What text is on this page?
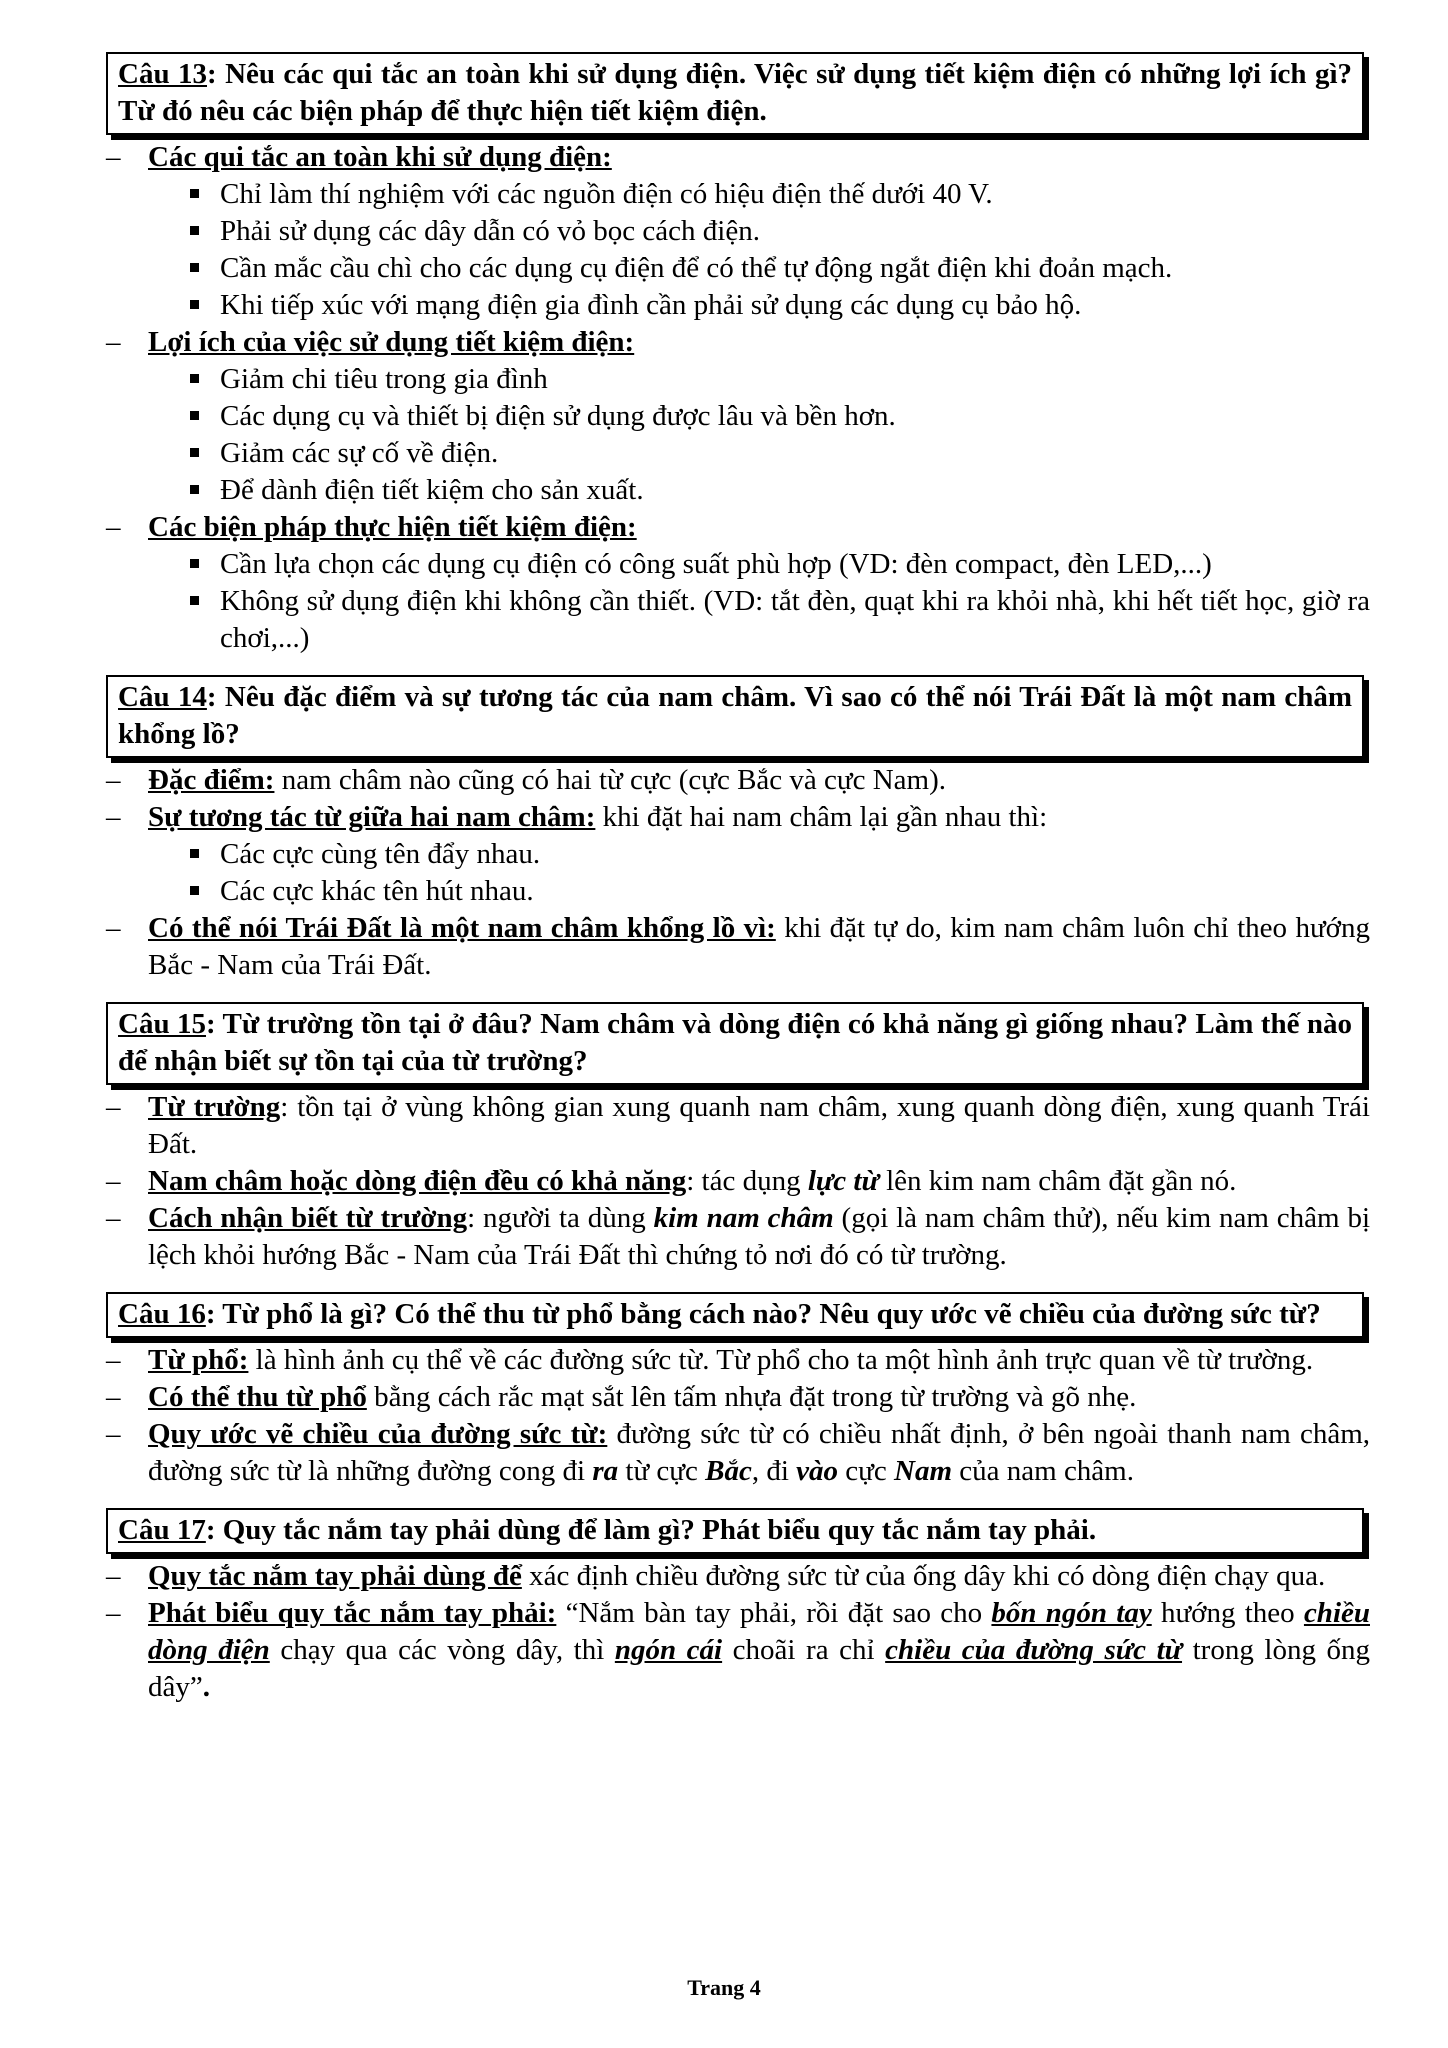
Câu 13: Nêu các qui tắc an toàn khi sử dụng điện. Việc sử dụng tiết kiệm điện có những lợi ích gì? Từ đó nêu các biện pháp để thực hiện tiết kiệm điện.
– Các qui tắc an toàn khi sử dụng điện:
Chỉ làm thí nghiệm với các nguồn điện có hiệu điện thế dưới 40 V.
Phải sử dụng các dây dẫn có vỏ bọc cách điện.
Cần mắc cầu chì cho các dụng cụ điện để có thể tự động ngắt điện khi đoản mạch.
Khi tiếp xúc với mạng điện gia đình cần phải sử dụng các dụng cụ bảo hộ.
– Lợi ích của việc sử dụng tiết kiệm điện:
Giảm chi tiêu trong gia đình
Các dụng cụ và thiết bị điện sử dụng được lâu và bền hơn.
Giảm các sự cố về điện.
Để dành điện tiết kiệm cho sản xuất.
– Các biện pháp thực hiện tiết kiệm điện:
Cần lựa chọn các dụng cụ điện có công suất phù hợp (VD: đèn compact, đèn LED,...)
Không sử dụng điện khi không cần thiết. (VD: tắt đèn, quạt khi ra khỏi nhà, khi hết tiết học, giờ ra chơi,...)
Câu 14: Nêu đặc điểm và sự tương tác của nam châm. Vì sao có thể nói Trái Đất là một nam châm khổng lồ?
– Đặc điểm: nam châm nào cũng có hai từ cực (cực Bắc và cực Nam).
– Sự tương tác từ giữa hai nam châm: khi đặt hai nam châm lại gần nhau thì:
Các cực cùng tên đẩy nhau.
Các cực khác tên hút nhau.
– Có thể nói Trái Đất là một nam châm khổng lồ vì: khi đặt tự do, kim nam châm luôn chỉ theo hướng Bắc - Nam của Trái Đất.
Câu 15: Từ trường tồn tại ở đâu? Nam châm và dòng điện có khả năng gì giống nhau? Làm thế nào để nhận biết sự tồn tại của từ trường?
– Từ trường: tồn tại ở vùng không gian xung quanh nam châm, xung quanh dòng điện, xung quanh Trái Đất.
– Nam châm hoặc dòng điện đều có khả năng: tác dụng lực từ lên kim nam châm đặt gần nó.
– Cách nhận biết từ trường: người ta dùng kim nam châm (gọi là nam châm thử), nếu kim nam châm bị lệch khỏi hướng Bắc - Nam của Trái Đất thì chứng tỏ nơi đó có từ trường.
Câu 16: Từ phổ là gì? Có thể thu từ phổ bằng cách nào? Nêu quy ước vẽ chiều của đường sức từ?
– Từ phổ: là hình ảnh cụ thể về các đường sức từ. Từ phổ cho ta một hình ảnh trực quan về từ trường.
– Có thể thu từ phổ bằng cách rắc mạt sắt lên tấm nhựa đặt trong từ trường và gõ nhẹ.
– Quy ước vẽ chiều của đường sức từ: đường sức từ có chiều nhất định, ở bên ngoài thanh nam châm, đường sức từ là những đường cong đi ra từ cực Bắc, đi vào cực Nam của nam châm.
Câu 17: Quy tắc nắm tay phải dùng để làm gì? Phát biểu quy tắc nắm tay phải.
– Quy tắc nắm tay phải dùng để xác định chiều đường sức từ của ống dây khi có dòng điện chạy qua.
– Phát biểu quy tắc nắm tay phải: “Nắm bàn tay phải, rồi đặt sao cho bốn ngón tay hướng theo chiều dòng điện chạy qua các vòng dây, thì ngón cái choãi ra chỉ chiều của đường sức từ trong lòng ống dây”.
Trang 4
